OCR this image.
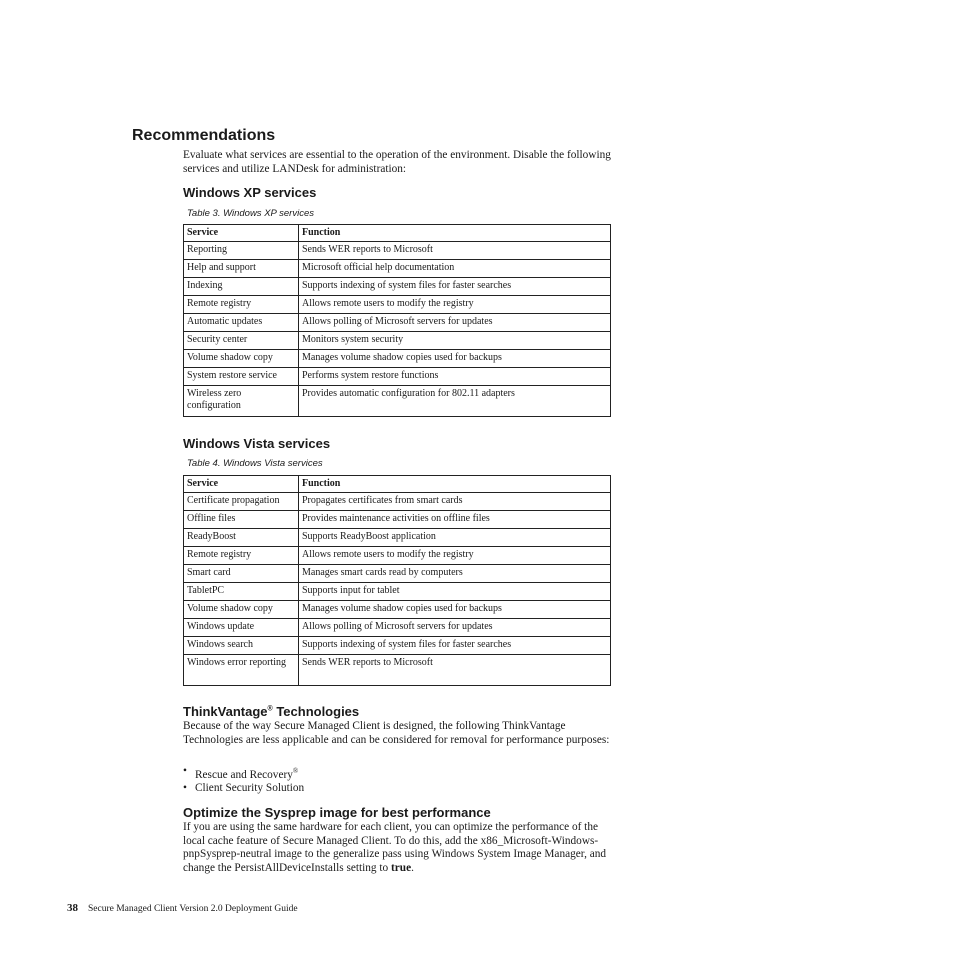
Recommendations

Evaluate what services are essential to the operation of the environment. Disable the following services and utilize LANDesk for administration:

Windows XP services

Table 3. Windows XP services

Service	Function
Reporting	Sends WER reports to Microsoft
Help and support	Microsoft official help documentation
Indexing	Supports indexing of system files for faster searches
Remote registry	Allows remote users to modify the registry
Automatic updates	Allows polling of Microsoft servers for updates
Security center	Monitors system security
Volume shadow copy	Manages volume shadow copies used for backups
System restore service	Performs system restore functions
Wireless zero configuration	Provides automatic configuration for 802.11 adapters
Windows Vista services

Table 4. Windows Vista services

Service	Function
Certificate propagation	Propagates certificates from smart cards
Offline files	Provides maintenance activities on offline files
ReadyBoost	Supports ReadyBoost application
Remote registry	Allows remote users to modify the registry
Smart card	Manages smart cards read by computers
TabletPC	Supports input for tablet
Volume shadow copy	Manages volume shadow copies used for backups
Windows update	Allows polling of Microsoft servers for updates
Windows search	Supports indexing of system files for faster searches
Windows error reporting	Sends WER reports to Microsoft
ThinkVantage® Technologies

Because of the way Secure Managed Client is designed, the following ThinkVantage Technologies are less applicable and can be considered for removal for performance purposes:

• Rescue and Recovery®
• Client Security Solution
Optimize the Sysprep image for best performance

If you are using the same hardware for each client, you can optimize the performance of the local cache feature of Secure Managed Client. To do this, add the x86_Microsoft-Windows-pnpSysprep-neutral image to the generalize pass using Windows System Image Manager, and change the PersistAllDeviceInstalls setting to true.

38 Secure Managed Client Version 2.0 Deployment Guide
